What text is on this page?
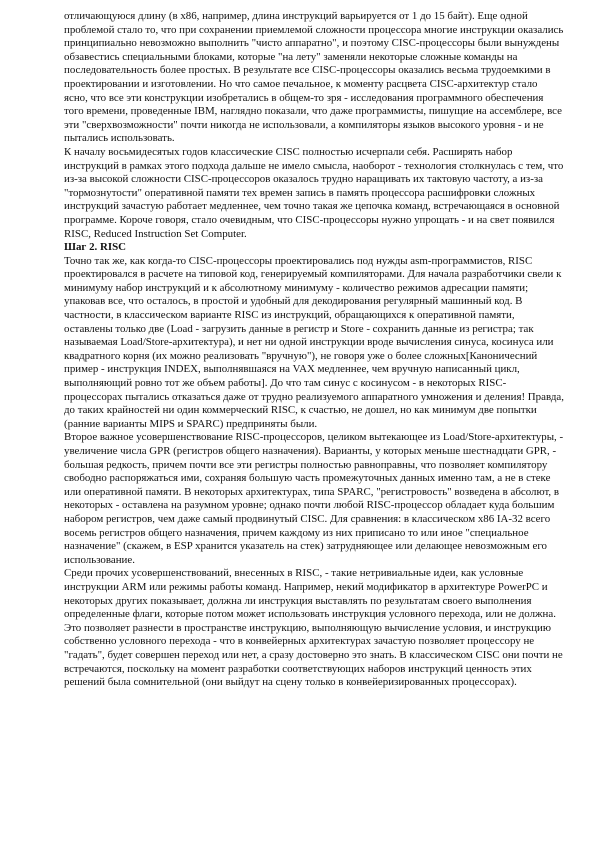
отличающуюся длину (в x86, например, длина инструкций варьируется от 1 до 15 байт). Еще одной проблемой стало то, что при сохранении приемлемой сложности процессора многие инструкции оказались принципиально невозможно выполнить "чисто аппаратно", и поэтому CISC-процессоры были вынуждены обзавестись специальными блоками, которые "на лету" заменяли некоторые сложные команды на последовательность более простых. В результате все CISC-процессоры оказались весьма трудоемкими в проектировании и изготовлении. Но что самое печальное, к моменту расцвета CISC-архитектур стало ясно, что все эти конструкции изобретались в общем-то зря - исследования программного обеспечения того времени, проведенные IBM, наглядно показали, что даже программисты, пишущие на ассемблере, все эти "сверхвозможности" почти никогда не использовали, а компиляторы языков высокого уровня - и не пытались использовать.

К началу восьмидесятых годов классические CISC полностью исчерпали себя. Расширять набор инструкций в рамках этого подхода дальше не имело смысла, наоборот - технология столкнулась с тем, что из-за высокой сложности CISC-процессоров оказалось трудно наращивать их тактовую частоту, а из-за "тормознутости" оперативной памяти тех времен запись в память процессора расшифровки сложных инструкций зачастую работает медленнее, чем точно такая же цепочка команд, встречающаяся в основной программе. Короче говоря, стало очевидным, что CISC-процессоры нужно упрощать - и на свет появился RISC, Reduced Instruction Set Computer.

Шаг 2. RISC

Точно так же, как когда-то CISC-процессоры проектировались под нужды asm-программистов, RISC проектировался в расчете на типовой код, генерируемый компиляторами. Для начала разработчики свели к минимуму набор инструкций и к абсолютному минимуму - количество режимов адресации памяти; упаковав все, что осталось, в простой и удобный для декодирования регулярный машинный код. В частности, в классическом варианте RISC из инструкций, обращающихся к оперативной памяти, оставлены только две (Load - загрузить данные в регистр и Store - сохранить данные из регистра; так называемая Load/Store-архитектура), и нет ни одной инструкции вроде вычисления синуса, косинуса или квадратного корня (их можно реализовать "вручную"), не говоря уже о более сложных[Каноничесний пример - инструкция INDEX, выполнявшаяся на VAX медленнее, чем вручную написанный цикл, выполняющий ровно тот же объем работы]. До что там синус с косинусом - в некоторых RISC-процессорах пытались отказаться даже от трудно реализуемого аппаратного умножения и деления! Правда, до таких крайностей ни один коммерческий RISC, к счастью, не дошел, но как минимум две попытки (ранние варианты MIPS и SPARC) предприняты были.

Второе важное усовершенствование RISC-процессоров, целиком вытекающее из Load/Store-архитектуры, - увеличение числа GPR (регистров общего назначения). Варианты, у которых меньше шестнадцати GPR, - большая редкость, причем почти все эти регистры полностью равноправны, что позволяет компилятору свободно распоряжаться ими, сохраняя большую часть промежуточных данных именно там, а не в стеке или оперативной памяти. В некоторых архитектурах, типа SPARC, "регистровость" возведена в абсолют, в некоторых - оставлена на разумном уровне; однако почти любой RISC-процессор обладает куда большим набором регистров, чем даже самый продвинутый CISC. Для сравнения: в классическом x86 IA-32 всего восемь регистров общего назначения, причем каждому из них приписано то или иное "специальное назначение" (скажем, в ESP хранится указатель на стек) затрудняющее или делающее невозможным его использование.

Среди прочих усовершенствований, внесенных в RISC, - такие нетривиальные идеи, как условные инструкции ARM или режимы работы команд. Например, некий модификатор в архитектуре PowerPC и некоторых других показывает, должна ли инструкция выставлять по результатам своего выполнения определенные флаги, которые потом может использовать инструкция условного перехода, или не должна. Это позволяет разнести в пространстве инструкцию, выполняющую вычисление условия, и инструкцию собственно условного перехода - что в конвейерных архитектурах зачастую позволяет процессору не "гадать", будет совершен переход или нет, а сразу достоверно это знать. В классическом CISC они почти не встречаются, поскольку на момент разработки соответствующих наборов инструкций ценность этих решений была сомнительной (они выйдут на сцену только в конвейеризированных процессорах).
